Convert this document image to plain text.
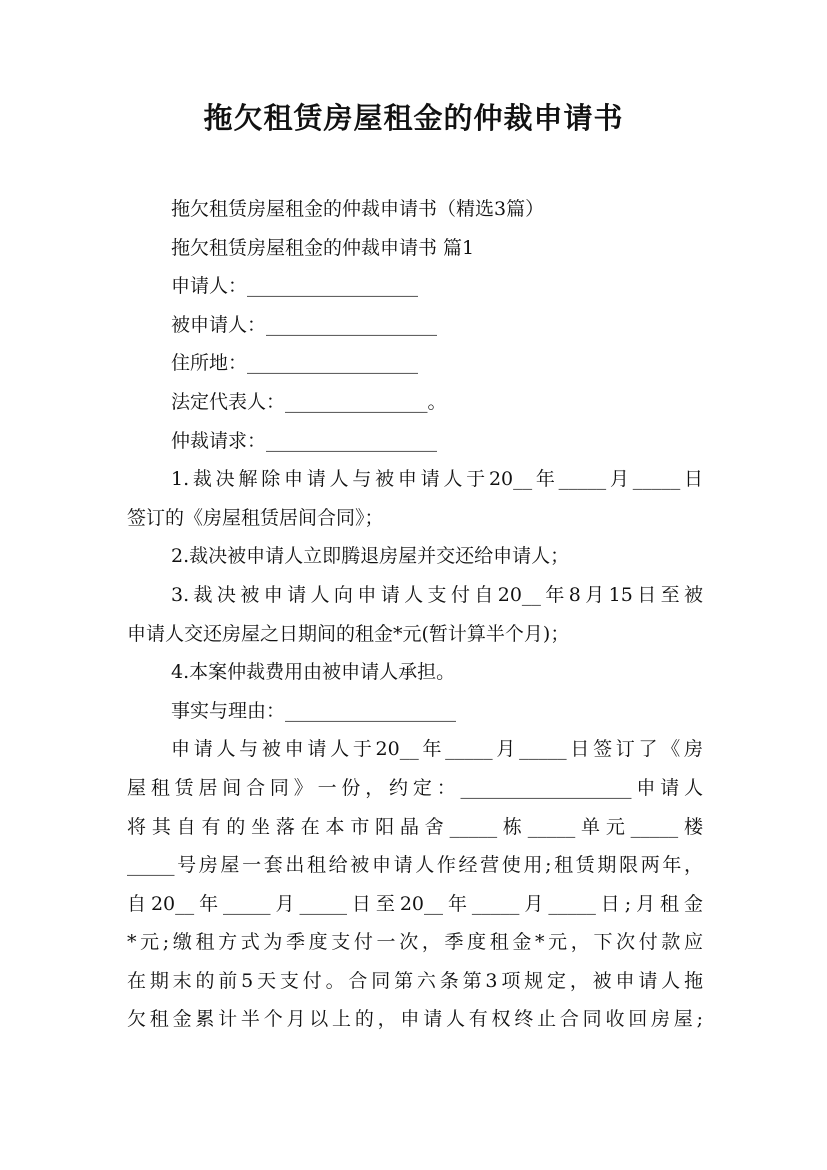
拖欠租赁房屋租金的仲裁申请书
拖欠租赁房屋租金的仲裁申请书（精选3篇）
拖欠租赁房屋租金的仲裁申请书 篇1
申请人：__________________
被申请人：__________________
住所地：__________________
法定代表人：_______________。
仲裁请求：__________________
1.裁决解除申请人与被申请人于20__年_____月_____日
签订的《房屋租赁居间合同》；
2.裁决被申请人立即腾退房屋并交还给申请人；
3.裁决被申请人向申请人支付自20__年8月15日至被
申请人交还房屋之日期间的租金*元(暂计算半个月)；
4.本案仲裁费用由被申请人承担。
事实与理由：__________________
申请人与被申请人于20__年_____月_____日签订了《房
屋租赁居间合同》一份，约定：__________________申请人
将其自有的坐落在本市阳晶舍_____栋_____单元_____楼
_____号房屋一套出租给被申请人作经营使用;租赁期限两年，
自20__年_____月_____日至20__年_____月_____日;月租金
*元;缴租方式为季度支付一次，季度租金*元，下次付款应
在期末的前5天支付。合同第六条第3项规定，被申请人拖
欠租金累计半个月以上的，申请人有权终止合同收回房屋;
